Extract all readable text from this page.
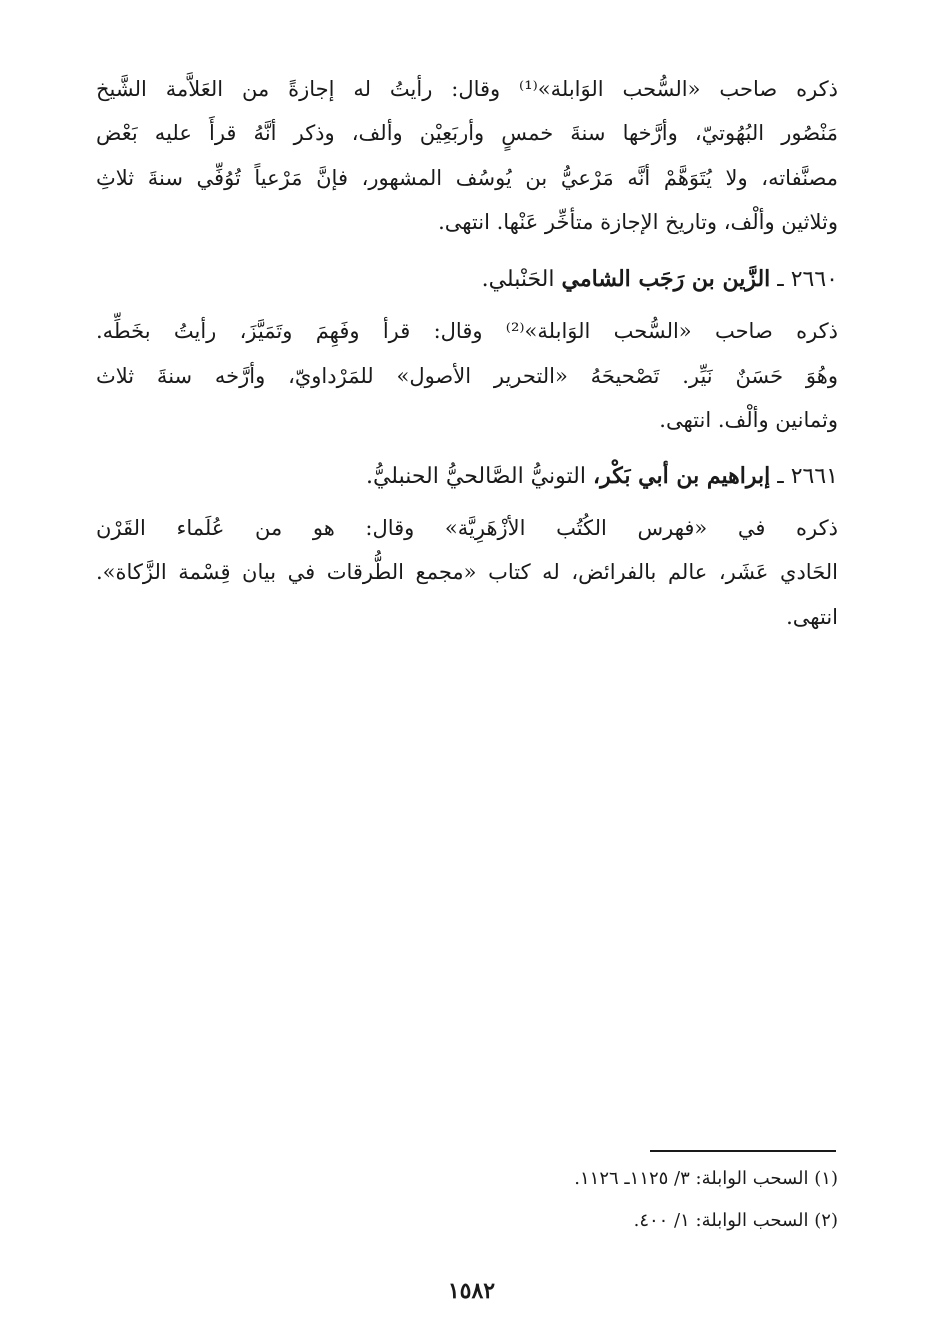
ذكره صاحب «السُّحب الوَابلة»⁽¹⁾ وقال: رأيتُ له إجازةً من العَلاَّمة الشَّيخ
مَنْصُور البُهُوتيّ، وأرَّخها سنةَ خمسٍ وأربَعِيْن وألف، وذكر أنَّهُ قرأَ عليه بَعْض
مصنَّفاته، ولا يُتَوَهَّمْ أنَّه مَرْعيُّ بن يُوسُف المشهور، فإنَّ مَرْعياً تُوُفِّي سنةَ ثلاثِ
وثلاثين وألْف، وتاريخ الإجازة متأخِّر عَنْها. انتهى.
٢٦٦٠ ـ الزَّين بن رَجَب الشامي الحَنْبلي.
ذكره صاحب «السُّحب الوَابلة»⁽²⁾ وقال: قرأ وفَهِمَ وتَمَيَّزَ، رأيتُ بخَطِّه.
وهُوَ حَسَنٌ نَيِّر. تَصْحيحَهُ «التحرير الأصول» للمَرْداويّ، وأرَّخه سنةَ ثلاث
وثمانين وألْف. انتهى.
٢٦٦١ ـ إبراهيم بن أبي بَكْر، التونيُّ الصَّالحيُّ الحنبليُّ.
ذكره في «فهرس الكُتُب الأزْهَرِيَّة» وقال: هو من عُلَماء القَرْن
الحَادي عَشَر، عالم بالفرائض، له كتاب «مجمع الطُّرقات في بيان قِسْمة الزَّكاة».
انتهى.
(١) السحب الوابلة: ٣/ ١١٢٥ـ ١١٢٦.
(٢) السحب الوابلة: ١/ ٤٠٠.
١٥٨٢
